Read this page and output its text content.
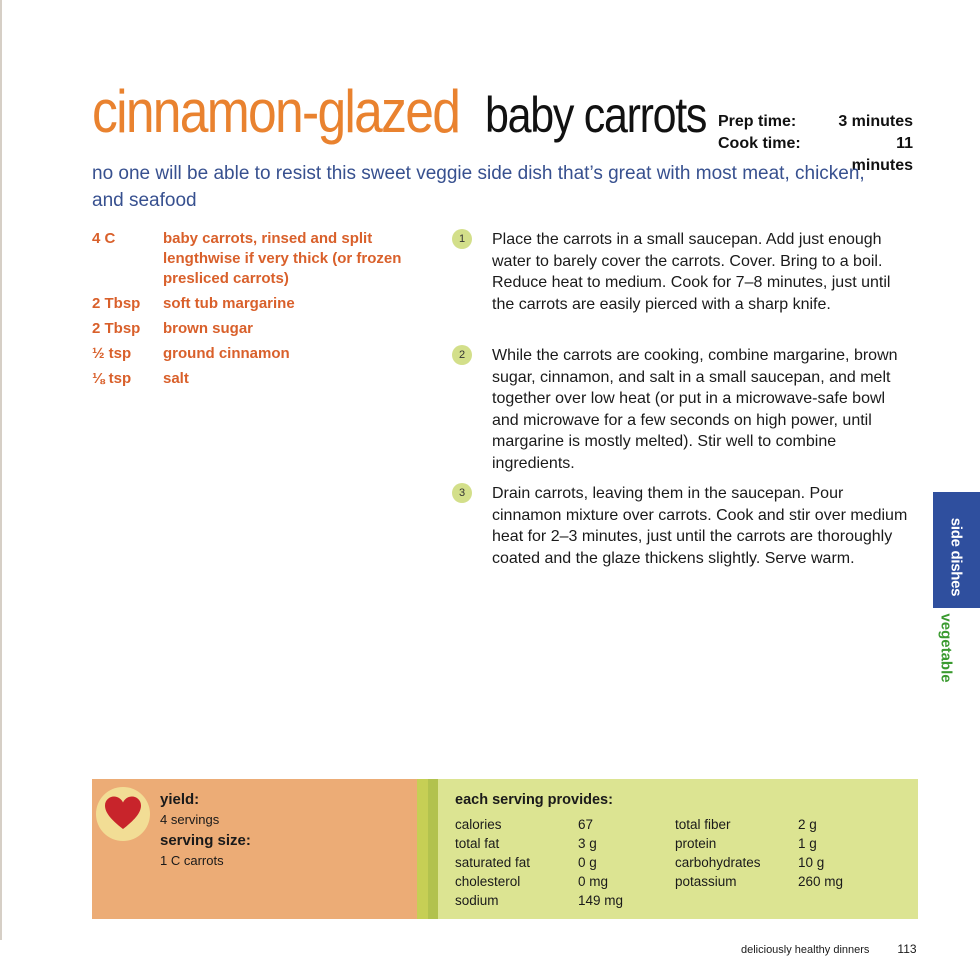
cinnamon-glazed baby carrots Prep time:	3 minutes
Cook time:	11 minutes
no one will be able to resist this sweet veggie side dish that’s great with most meat, chicken, and seafood
4 C	baby carrots, rinsed and split lengthwise if very thick (or frozen presliced carrots)
2 Tbsp	soft tub margarine
2 Tbsp	brown sugar
½ tsp	ground cinnamon
⅛ tsp	salt
1	Place the carrots in a small saucepan. Add just enough water to barely cover the carrots. Cover. Bring to a boil. Reduce heat to medium. Cook for 7–8 minutes, just until the carrots are easily pierced with a sharp knife.
2	While the carrots are cooking, combine margarine, brown sugar, cinnamon, and salt in a small saucepan, and melt together over low heat (or put in a microwave-safe bowl and microwave for a few seconds on high power, until margarine is mostly melted). Stir well to combine ingredients.
3	Drain carrots, leaving them in the saucepan. Pour cinnamon mixture over carrots. Cook and stir over medium heat for 2–3 minutes, just until the carrots are thoroughly coated and the glaze thickens slightly. Serve warm.	side dishes
vegetable
yield:
4 servings
serving size:
1 C carrots
each serving provides:
calories	67	total fiber	2 g
total fat	3 g	protein	1 g
saturated fat	0 g	carbohydrates	10 g
cholesterol	0 mg	potassium	260 mg
sodium	149 mg		
deliciously healthy dinners 113
